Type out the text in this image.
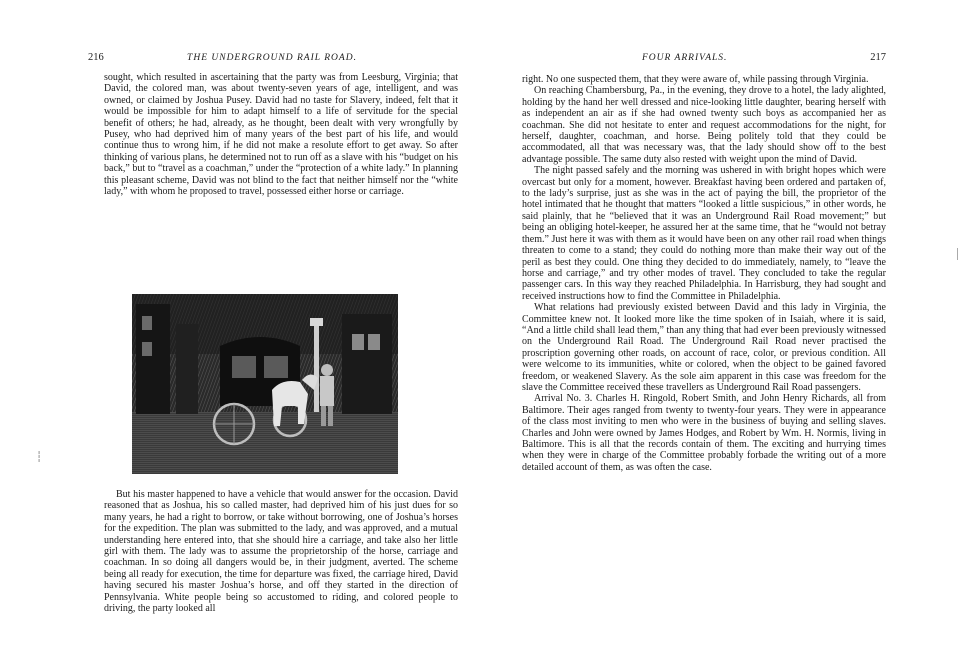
216	THE UNDERGROUND RAIL ROAD.

sought, which resulted in ascertaining that the party was from Leesburg, Virginia; that David, the colored man, was about twenty-seven years of age, intelligent, and was owned, or claimed by Joshua Pusey. David had no taste for Slavery, indeed, felt that it would be impossible for him to adapt himself to a life of servitude for the special benefit of others; he had, already, as he thought, been dealt with very wrongfully by Pusey, who had deprived him of many years of the best part of his life, and would continue thus to wrong him, if he did not make a resolute effort to get away. So after thinking of various plans, he determined not to run off as a slave with his “budget on his back,” but to “travel as a coachman,” under the “protection of a white lady.” In planning this pleasant scheme, David was not blind to the fact that neither himself nor the “white lady,” with whom he proposed to travel, possessed either horse or carriage.

But his master happened to have a vehicle that would answer for the occasion. David reasoned that as Joshua, his so called master, had deprived him of his just dues for so many years, he had a right to borrow, or take without borrowing, one of Joshua’s horses for the expedition. The plan was submitted to the lady, and was approved, and a mutual understanding here entered into, that she should hire a carriage, and take also her little girl with them. The lady was to assume the proprietorship of the horse, carriage and coachman. In so doing all dangers would be, in their judgment, averted. The scheme being all ready for execution, the time for departure was fixed, the carriage hired, David having secured his master Joshua’s horse, and off they started in the direction of Pennsylvania. White people being so accustomed to riding, and colored people to driving, the party looked all

FOUR ARRIVALS.	217

right. No one suspected them, that they were aware of, while passing through Virginia.

On reaching Chambersburg, Pa., in the evening, they drove to a hotel, the lady alighted, holding by the hand her well dressed and nice-looking little daughter, bearing herself with as independent an air as if she had owned twenty such boys as accompanied her as coachman. She did not hesitate to enter and request accommodations for the night, for herself, daughter, coachman, and horse. Being politely told that they could be accommodated, all that was necessary was, that the lady should show off to the best advantage possible. The same duty also rested with weight upon the mind of David.

The night passed safely and the morning was ushered in with bright hopes which were overcast but only for a moment, however. Breakfast having been ordered and partaken of, to the lady’s surprise, just as she was in the act of paying the bill, the proprietor of the hotel intimated that he thought that matters “looked a little suspicious,” in other words, he said plainly, that he “believed that it was an Underground Rail Road movement;” but being an obliging hotel-keeper, he assured her at the same time, that he “would not betray them.” Just here it was with them as it would have been on any other rail road when things threaten to come to a stand; they could do nothing more than make their way out of the peril as best they could. One thing they decided to do immediately, namely, to “leave the horse and carriage,” and try other modes of travel. They concluded to take the regular passenger cars. In this way they reached Philadelphia. In Harrisburg, they had sought and received instructions how to find the Committee in Philadelphia.

What relations had previously existed between David and this lady in Virginia, the Committee knew not. It looked more like the time spoken of in Isaiah, where it is said, “And a little child shall lead them,” than any thing that had ever been previously witnessed on the Underground Rail Road. The Underground Rail Road never practised the proscription governing other roads, on account of race, color, or previous condition. All were welcome to its immunities, white or colored, when the object to be gained favored freedom, or weakened Slavery. As the sole aim apparent in this case was freedom for the slave the Committee received these travellers as Underground Rail Road passengers.

Arrival No. 3. Charles H. Ringold, Robert Smith, and John Henry Richards, all from Baltimore. Their ages ranged from twenty to twenty-four years. They were in appearance of the class most inviting to men who were in the business of buying and selling slaves. Charles and John were owned by James Hodges, and Robert by Wm. H. Normis, living in Baltimore. This is all that the records contain of them. The exciting and hurrying times when they were in charge of the Committee probably forbade the writing out of a more detailed account of them, as was often the case.

┆
